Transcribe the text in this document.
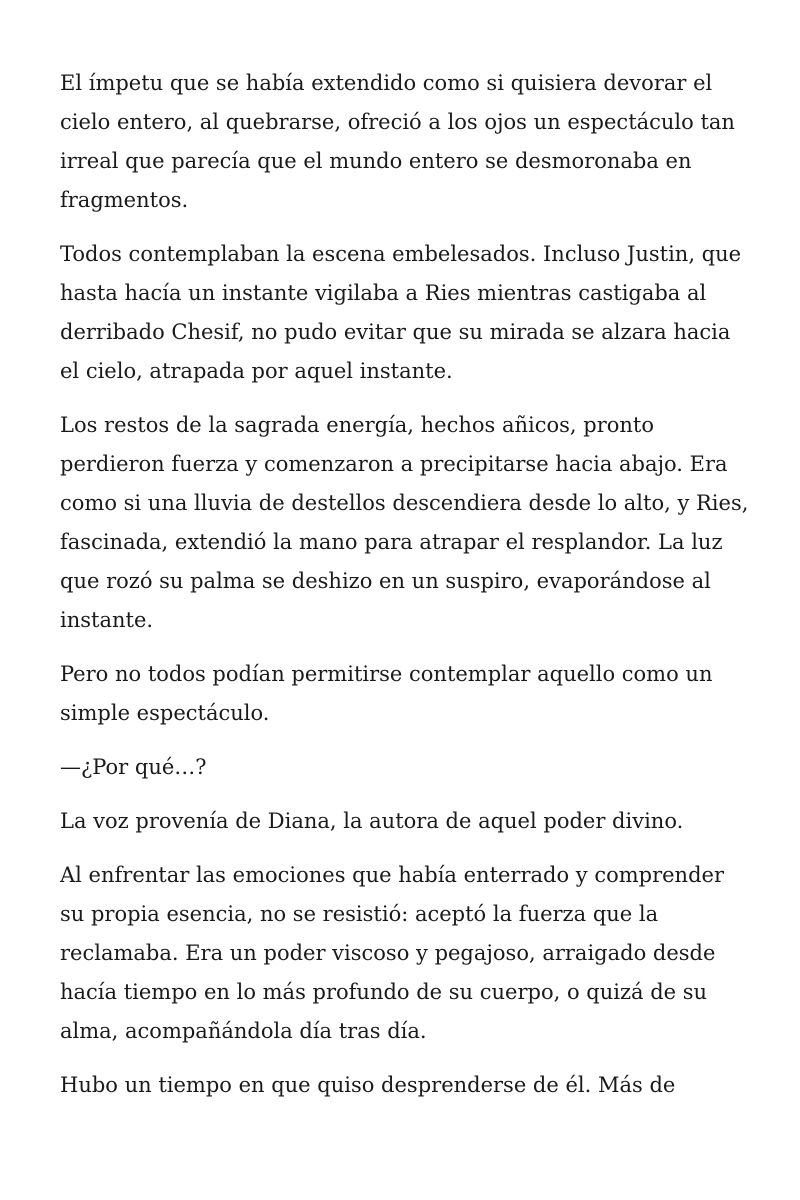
El ímpetu que se había extendido como si quisiera devorar el cielo entero, al quebrarse, ofreció a los ojos un espectáculo tan irreal que parecía que el mundo entero se desmoronaba en fragmentos.

Todos contemplaban la escena embelesados. Incluso Justin, que hasta hacía un instante vigilaba a Ries mientras castigaba al derribado Chesif, no pudo evitar que su mirada se alzara hacia el cielo, atrapada por aquel instante.

Los restos de la sagrada energía, hechos añicos, pronto perdieron fuerza y comenzaron a precipitarse hacia abajo. Era como si una lluvia de destellos descendiera desde lo alto, y Ries, fascinada, extendió la mano para atrapar el resplandor. La luz que rozó su palma se deshizo en un suspiro, evaporándose al instante.

Pero no todos podían permitirse contemplar aquello como un simple espectáculo.

—¿Por qué…?

La voz provenía de Diana, la autora de aquel poder divino.

Al enfrentar las emociones que había enterrado y comprender su propia esencia, no se resistió: aceptó la fuerza que la reclamaba. Era un poder viscoso y pegajoso, arraigado desde hacía tiempo en lo más profundo de su cuerpo, o quizá de su alma, acompañándola día tras día.

Hubo un tiempo en que quiso desprenderse de él. Más de
